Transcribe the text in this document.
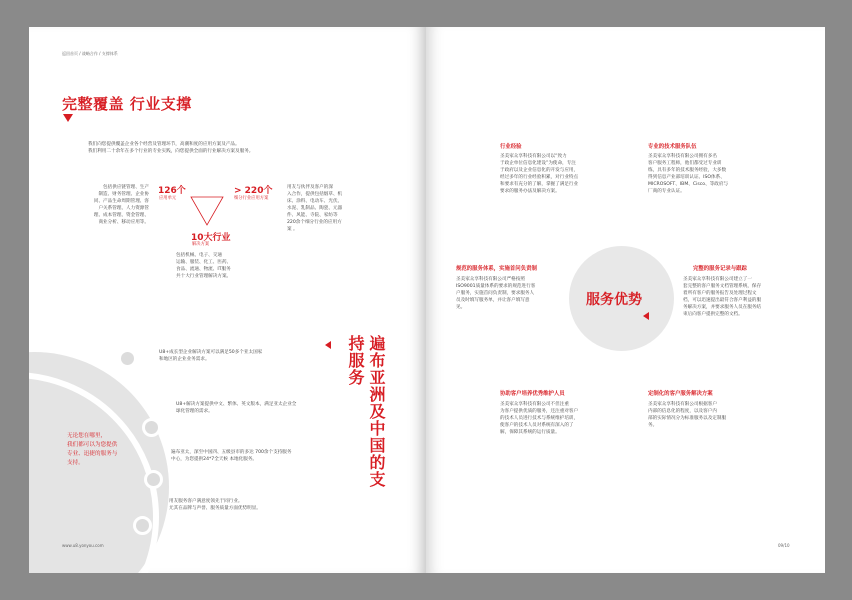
返回首页 / 战略合作 / 支撑体系
完整覆盖 行业支撑
我们向您提供覆盖企业各个经营及管理环节，高潮和度的应用方案及产品。
我们利用二十余年在多个行业的专业实践，向您提供全面的行业解决方案及服务。
包括供应链管理、生产
制造、财务管理、企业协
同、产品生命周期管理、客
户关系管理、人力资源管
理、成本管理、资金管理、
商业分析、移动应用等。
126个
应用单元
> 220个
细分行业应用方案
10大行业
解决方案
用友与伙伴及客户的深
入合作，提供包括烟草、机
床、涂料、电动车、光伏、
水泥、乳制品、陶瓷、元器
件、风能、寺院、家纺等
220余个细分行业的应用方
案 。
包括机械、电子、交通
运输、服装、化工、医药、
食品、流通、物流、IT服务
共十大行业管理解决方案。
遍布亚洲及中国的支持服务
无论您在哪里，
我们都可以为您提供
专业、迅捷的服务与
支持。
U8+成长型企业解决方案可以满足50多个亚太国家
和地区的企业业务需求。
U8+解决方案提供中文、繁体、英文版本，满足亚太企业全
球化管理的需求。
遍布亚太，深至中国四、五级县市的多达 700余个支持服务
中心，为您提供24*7全天候 本地化服务。
用友服务客户满意度领先于同行业。
尤其在品牌与声誉、服务质量方面优势明显。
www.u8.yonyou.com
行业经验
圣美家众享科技有限公司以“致力
于政企单位信息化建设”为使命，专注
于政府以及企业信息化的开发与应用，
经过多年的行业经验积累，对行业特点
和要求有充分的了解，掌握了满足行业
要求的服务办法及解决方案。
专业的技术服务队伍
圣美家众享科技有限公司拥有多名
客户服务工程师，他们都受过专业训
练，具有多年的技术服务经验，大多数
得到信息产业部培训认证、ISO体系、
MICROSOFT、IBM、Cisco、等政府与
厂商的专业认证。
规范的服务体系，实施首问负责制
圣美家众享科技有限公司严格按照
ISO9001质量体系的要求的规范进行客
户服务，实施首问负责制，要求服务人
员及时填写服务单，并让客户填写意
见。	服务优势
完整的服务记录与跟踪
圣美家众享科技有限公司建立了一
套完整的客户服务文档管理系统，保存
着所有客户的服务报告及处理过程文
档，可以迅速提出最符合客户利益的服
务解决方案，并要求服务人员在服务结
束后向客户提供完整的文档。
协助客户培养优秀维护人员
圣美家众享科技有限公司不但注重
为客户提供优质的服务，还注重对客户
的技术人员进行技术与系统维护培训，
使客户的技术人员对系统有深入的了
解，保障其系统的运行质量。
定制化的客户服务解决方案
圣美家众享科技有限公司根据客户
内部的信息化的程度，以及客户内
部的实际情况分为标准服务以及定制服
务。
09/10
